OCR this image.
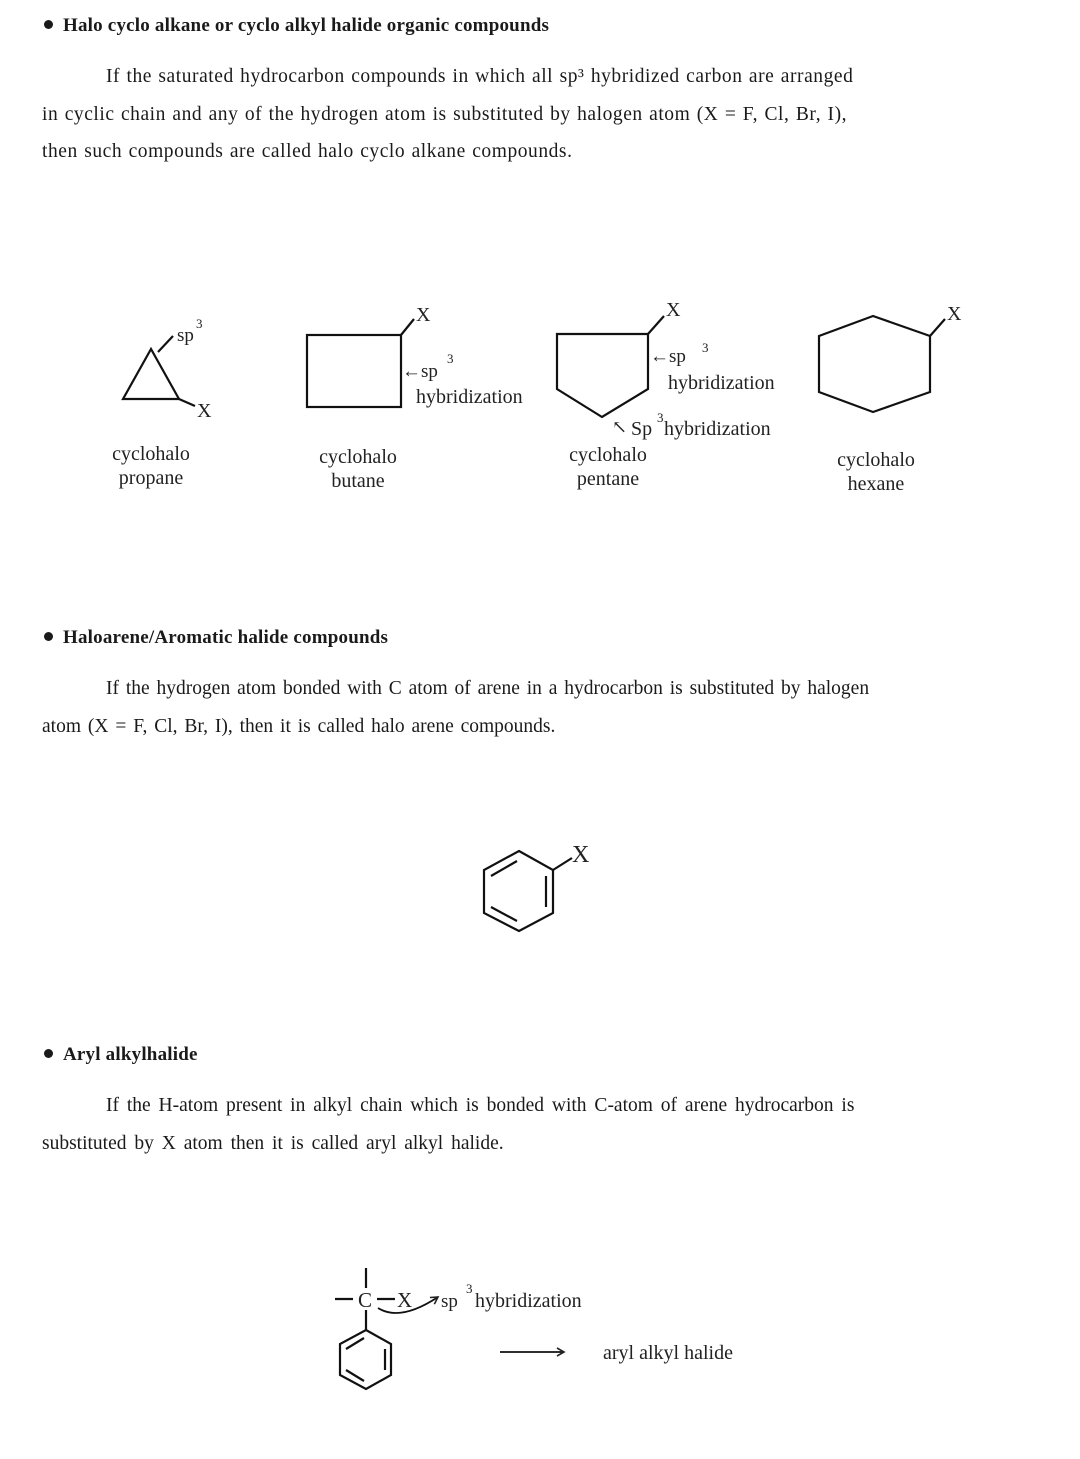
Halo cyclo alkane or cyclo alkyl halide organic compounds
If the saturated hydrocarbon compounds in which all sp³ hybridized carbon are arranged
in cyclic chain and any of the hydrogen atom is substituted by halogen atom (X = F, Cl, Br, I),
then such compounds are called halo cyclo alkane compounds.
cyclohalo
propane
cyclohalo
butane
cyclohalo
pentane
cyclohalo
hexane
Haloarene/Aromatic halide compounds
If the hydrogen atom bonded with C atom of arene in a hydrocarbon is substituted by halogen
atom (X = F, Cl, Br, I), then it is called halo arene compounds.
Aryl alkylhalide
If the H-atom present in alkyl chain which is bonded with C-atom of arene hydrocarbon is
substituted by X atom then it is called aryl alkyl halide.
sp
3
X
X
←sp
3
hybridization
X
←sp 3
hybridization
↖ Sp
3
hybridization
X
X
C X sp
3
hybridization
aryl alkyl halide
